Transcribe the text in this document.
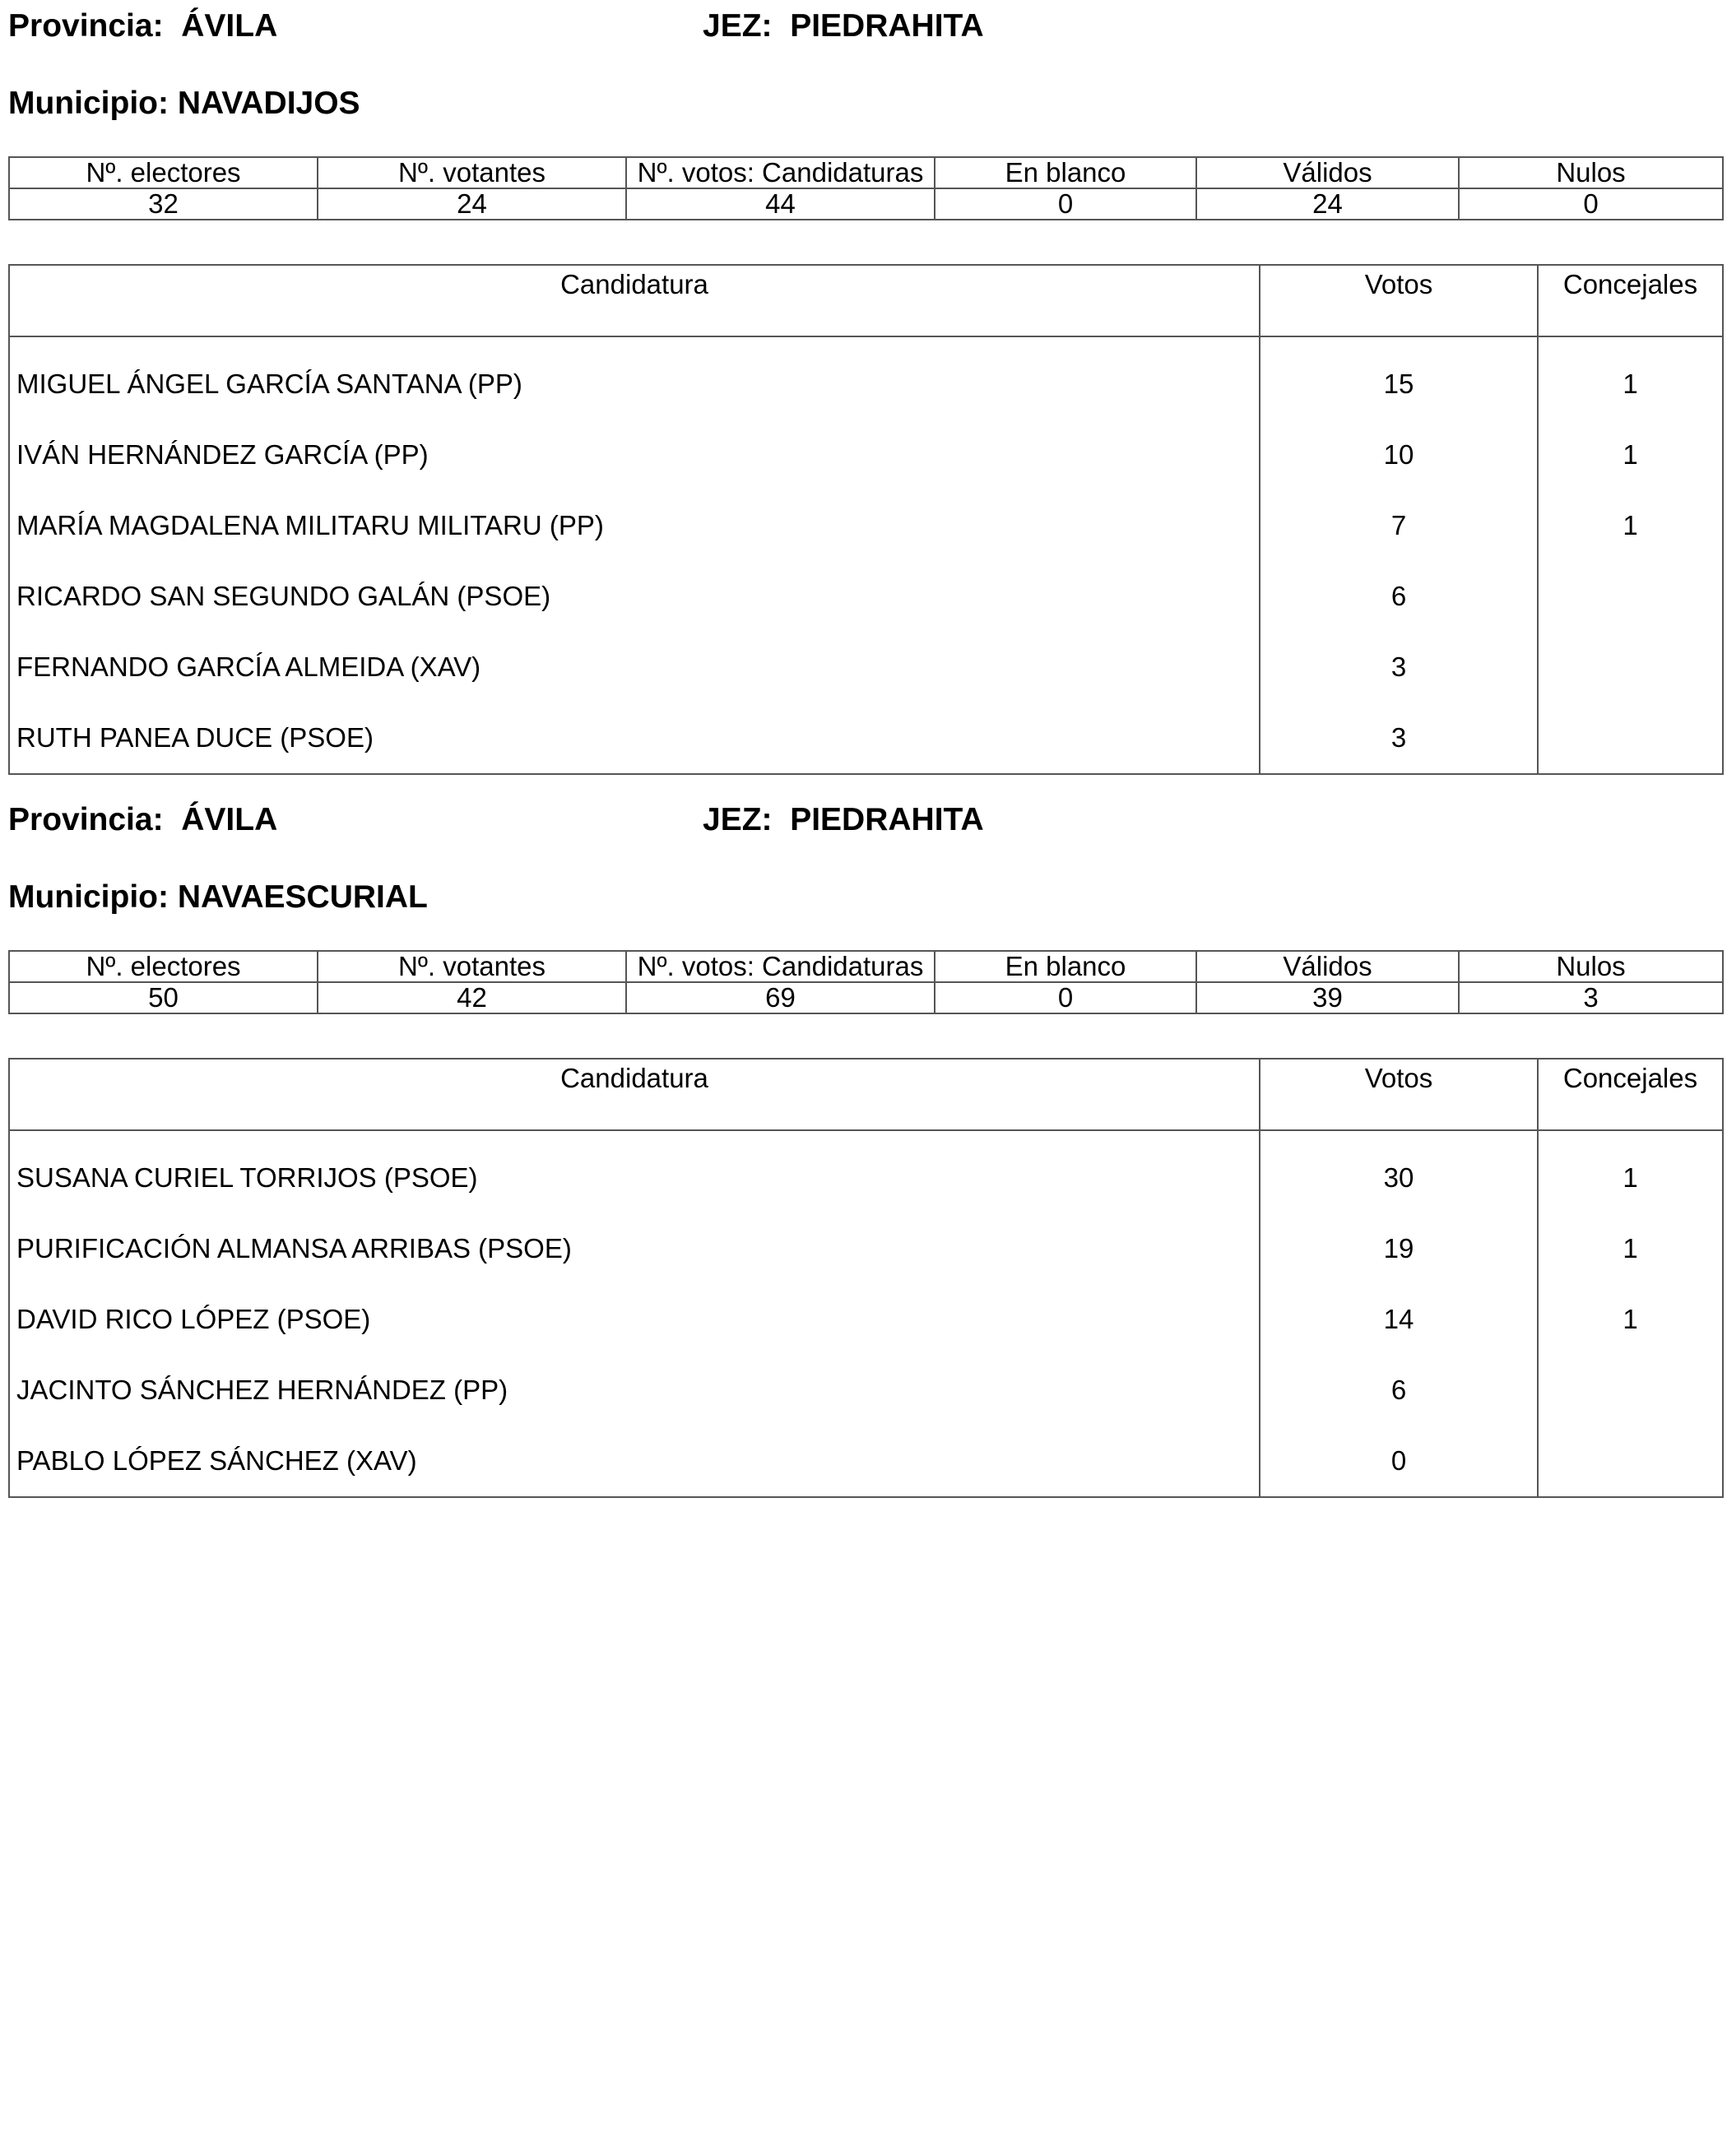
Provincia: ÁVILA	JEZ: PIEDRAHITA
Municipio: NAVADIJOS
Nº. electores	Nº. votantes	Nº. votos: Candidaturas	En blanco	Válidos	Nulos
32	24	44	0	24	0
Candidatura	Votos	Concejales
MIGUEL ÁNGEL GARCÍA SANTANA (PP)	15	1
IVÁN HERNÁNDEZ GARCÍA (PP)	10	1
MARÍA MAGDALENA MILITARU MILITARU (PP)	7	1
RICARDO SAN SEGUNDO GALÁN (PSOE)	6	
FERNANDO GARCÍA ALMEIDA (XAV)	3	
RUTH PANEA DUCE (PSOE)	3	
Provincia: ÁVILA	JEZ: PIEDRAHITA
Municipio: NAVAESCURIAL
Nº. electores	Nº. votantes	Nº. votos: Candidaturas	En blanco	Válidos	Nulos
50	42	69	0	39	3
Candidatura	Votos	Concejales
SUSANA CURIEL TORRIJOS (PSOE)	30	1
PURIFICACIÓN ALMANSA ARRIBAS (PSOE)	19	1
DAVID RICO LÓPEZ (PSOE)	14	1
JACINTO SÁNCHEZ HERNÁNDEZ (PP)	6	
PABLO LÓPEZ SÁNCHEZ (XAV)	0	
